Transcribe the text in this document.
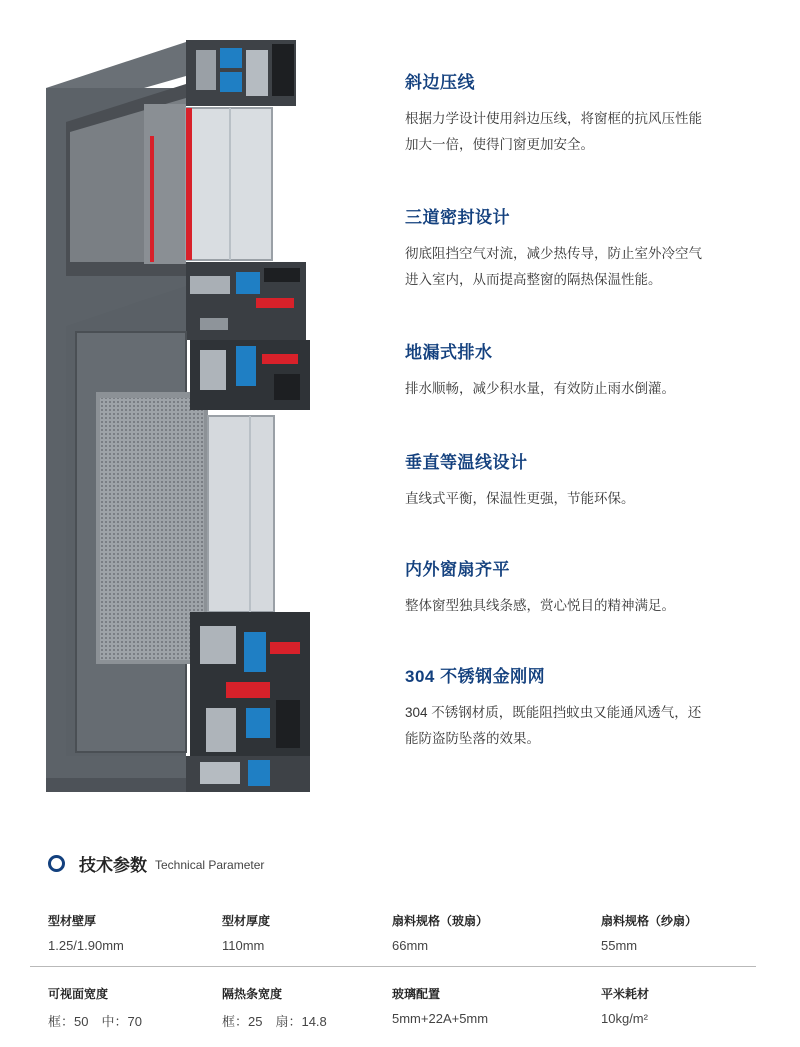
斜边压线
根据力学设计使用斜边压线，将窗框的抗风压性能
加大一倍，使得门窗更加安全。
三道密封设计
彻底阻挡空气对流，减少热传导，防止室外冷空气
进入室内，从而提高整窗的隔热保温性能。
地漏式排水
排水顺畅，减少积水量，有效防止雨水倒灌。
垂直等温线设计
直线式平衡，保温性更强，节能环保。
内外窗扇齐平
整体窗型独具线条感，赏心悦目的精神满足。
304 不锈钢金刚网
304 不锈钢材质，既能阻挡蚊虫又能通风透气，还
能防盗防坠落的效果。
技术参数 Technical Parameter
型材壁厚
1.25/1.90mm
型材厚度
110mm
扇料规格（玻扇）
66mm
扇料规格（纱扇）
55mm
可视面宽度
框：50　中：70
隔热条宽度
框：25　扇：14.8
玻璃配置
5mm+22A+5mm
平米耗材
10kg/m²
